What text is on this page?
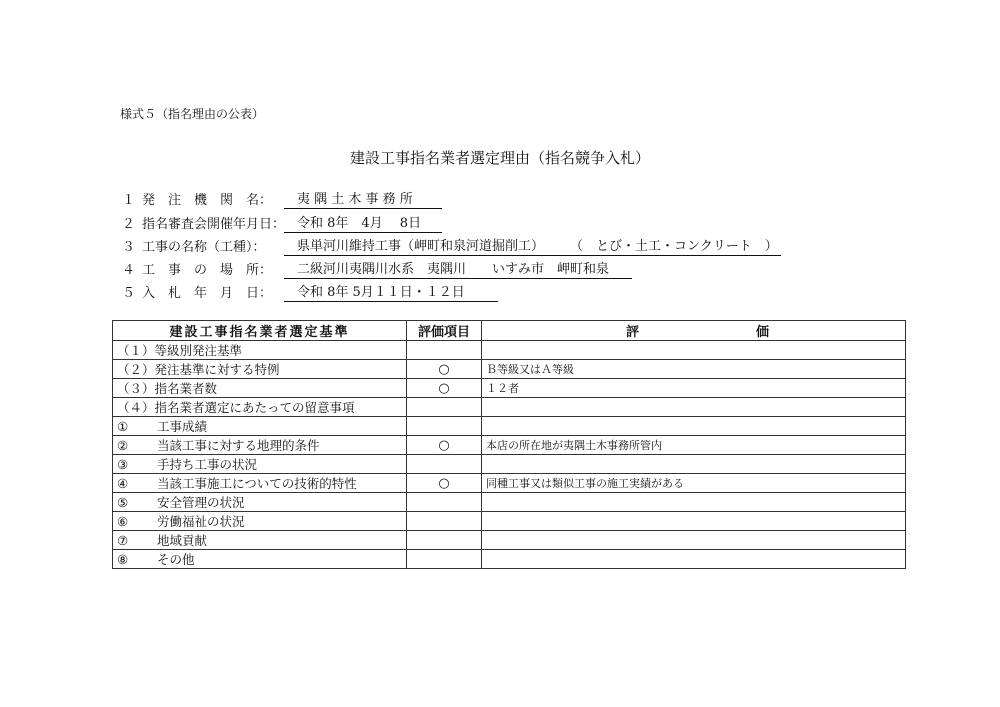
様式５（指名理由の公表）
建設工事指名業者選定理由（指名競争入札）
１ 発　注　機　関　名： 　夷 隅 土 木 事 務 所　
２ 指名審査会開催年月日：
　令和 8年　4月　 8日　
３ 工事の名称（工種）：	　県単河川維持工事（岬町和泉河道掘削工）　　　（　とび・土工・コンクリート　）
４ 工　事　の　場　所： 　二級河川夷隅川水系　夷隅川　　いすみ市　岬町和泉
５ 入　札　年　月　日： 　令和 8年 5月１１日・１２日　
建設工事指名業者選定基準	評価項目	評 価

（１）等級別発注基準		
（２）発注基準に対する特例	○	Ｂ等級又はＡ等級
（３）指名業者数	○	１２者
（４）指名業者選定にあたっての留意事項		
① 工事成績		
② 当該工事に対する地理的条件	○	本店の所在地が夷隅土木事務所管内
③ 手持ち工事の状況		
④ 当該工事施工についての技術的特性	○	同種工事又は類似工事の施工実績がある
⑤ 安全管理の状況		
⑥ 労働福祉の状況		
⑦ 地域貢献		
⑧ その他		
